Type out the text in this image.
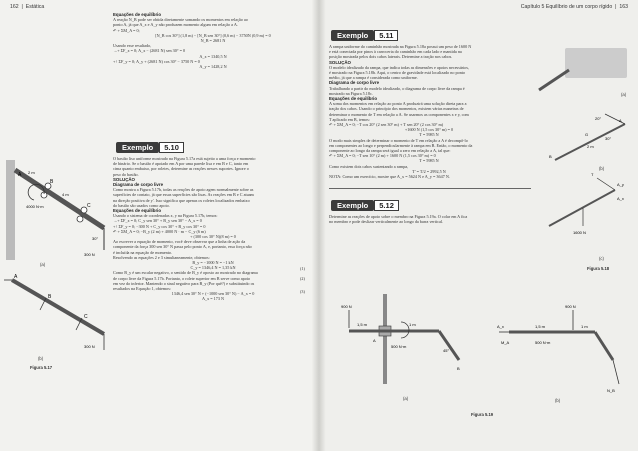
162  |  Estática
Equações de equilíbrio
A reação N_B pode ser obtida diretamente somando os momentos em relação ao
ponto A, já que A_x e A_y não produzem momento algum em relação a A.
↶ + ΣM_A = 0;
[N_B cos 30°] (1,8 m) − [N_B sen 30°] (0,6 m) − 3750N (0,9 m) = 0
N_B = 2681 N
Usando esse resultado,
→+ ΣF_x = 0; A_x − (2681 N) sen 30° = 0
A_x = 1340,5 N
+↑ ΣF_y = 0; A_y + (2681 N) cos 30° − 3750 N = 0
A_y = 1428,2 N
Exemplo	5.10
O bastão liso uniforme mostrado na Figura 5.17a está sujeito a uma força e momento
de binário. Se o bastão é apoiado em A por uma parede lisa e em B e C, tanto em
cima quanto embaixo, por roletes, determine as reações nesses suportes. Ignore o
peso do bastão.
SOLUÇÃO
Diagrama de corpo livre
Como mostra a Figura 5.17b, todas as reações de apoio agem normalmente sobre as
superfícies de contato, já que essas superfícies são lisas. As reações em B e C atuam
na direção positiva de y'. Isso significa que apenas os roletes localizados embaixo
do bastão são usados como apoio.
Equações de equilíbrio
Usando o sistema de coordenadas x, y na Figura 5.17b, temos:
→+ ΣF_x = 0; C_y sen 30° + B_y sen 30° − A_x = 0
+↑ ΣF_y = 0; −300 N + C_y cos 30° + B_y cos 30° = 0
↶ + ΣM_A = 0; −B_y (2 m) + 4000 N · m − C_y (6 m)
+ (300 cos 30° N)(8 m) = 0
Ao escrever a equação de momento, você deve observar que a linha de ação da
componente da força 300 sen 30° N passa pelo ponto A, e, portanto, essa força não
é incluída na equação de momento.
Resolvendo as equações 2 e 3 simultaneamente, obtemos:
B_y = −1000 N = −1 kN
C_y = 1346,4 N = 1,35 kN
Como B_y é um escalar negativo, o sentido de B_y é oposto ao mostrado no diagrama
de corpo livre da Figura 5.17b. Portanto, o rolete superior em B serve como apoio
em vez do inferior. Mantendo o sinal negativo para B_y (Por quê?) e substituindo os
resultados na Equação 1, obtemos:
1346,4 sen 30° N + (−1000 sen 30° N) − A_x = 0
A_x = 173 N
(1)
(2)
(3)
A
B
C
4000 N·m
300 N
2 m
4 m
30°
(a)
A
B
C
300 N
(b)
Figura 5.17
Capítulo 5 Equilíbrio de um corpo rígido  |  163
Exemplo	5.11
A rampa uniforme do caminhão mostrada na Figura 5.18a possui um peso de 1600 N
e está conectada por pinos à carroceria do caminhão em cada lado e mantida na
posição mostrada pelos dois cabos laterais. Determine a tração nos cabos.
SOLUÇÃO
O modelo idealizado da rampa, que indica todas as dimensões e apoios necessários,
é mostrado na Figura 5.18b. Aqui, o centro de gravidade está localizado no ponto
médio, já que a rampa é considerada como uniforme.
Diagrama de corpo livre
Trabalhando a partir do modelo idealizado, o diagrama de corpo livre da rampa é
mostrado na Figura 5.18c.
Equações de equilíbrio
A soma dos momentos em relação ao ponto A produzirá uma solução direta para a
tração dos cabos. Usando o princípio dos momentos, existem várias maneiras de
determinar o momento de T em relação a A. Se usarmos as componentes x e y, com
T aplicado em B, temos:
↶ + ΣM_A = 0; −T cos 20° (2 sen 30° m) + T sen 20° (2 cos 30° m)
+1600 N (1,5 cos 30° m) = 0
T = 5985 N
O modo mais simples de determinar o momento de T em relação a A é decompô-lo
em componentes ao longo e perpendicularmente à rampa em B. Então, o momento da
componente ao longo da rampa será igual a zero em relação a A, tal que:
↶ + ΣM_A = 0; −T sen 10° (2 m) + 1600 N (1,5 cos 30° m) = 0
T = 5985 N
Como existem dois cabos sustentando a rampa,
T' = T/2 = 2992,5 N
NOTA: Como um exercício, mostre que A_x = 5624 N e A_y = 3647 N.
Exemplo	5.12
Determine as reações de apoio sobre o membro na Figura 5.19a. O colar em A fica
no membro e pode deslizar verticalmente ao longo da barra vertical.
A
B
G
2 m
30°
20°
T
1600 N
A_x
A_y
(a)
(b)
(c)
Figura 5.18
900 N
1,5 m	1 m
500 N·m
A
B
45°
(a)
900 N
A_x
M_A	500 N·m
1,5 m	1 m
N_B
(b)
Figura 5.19
